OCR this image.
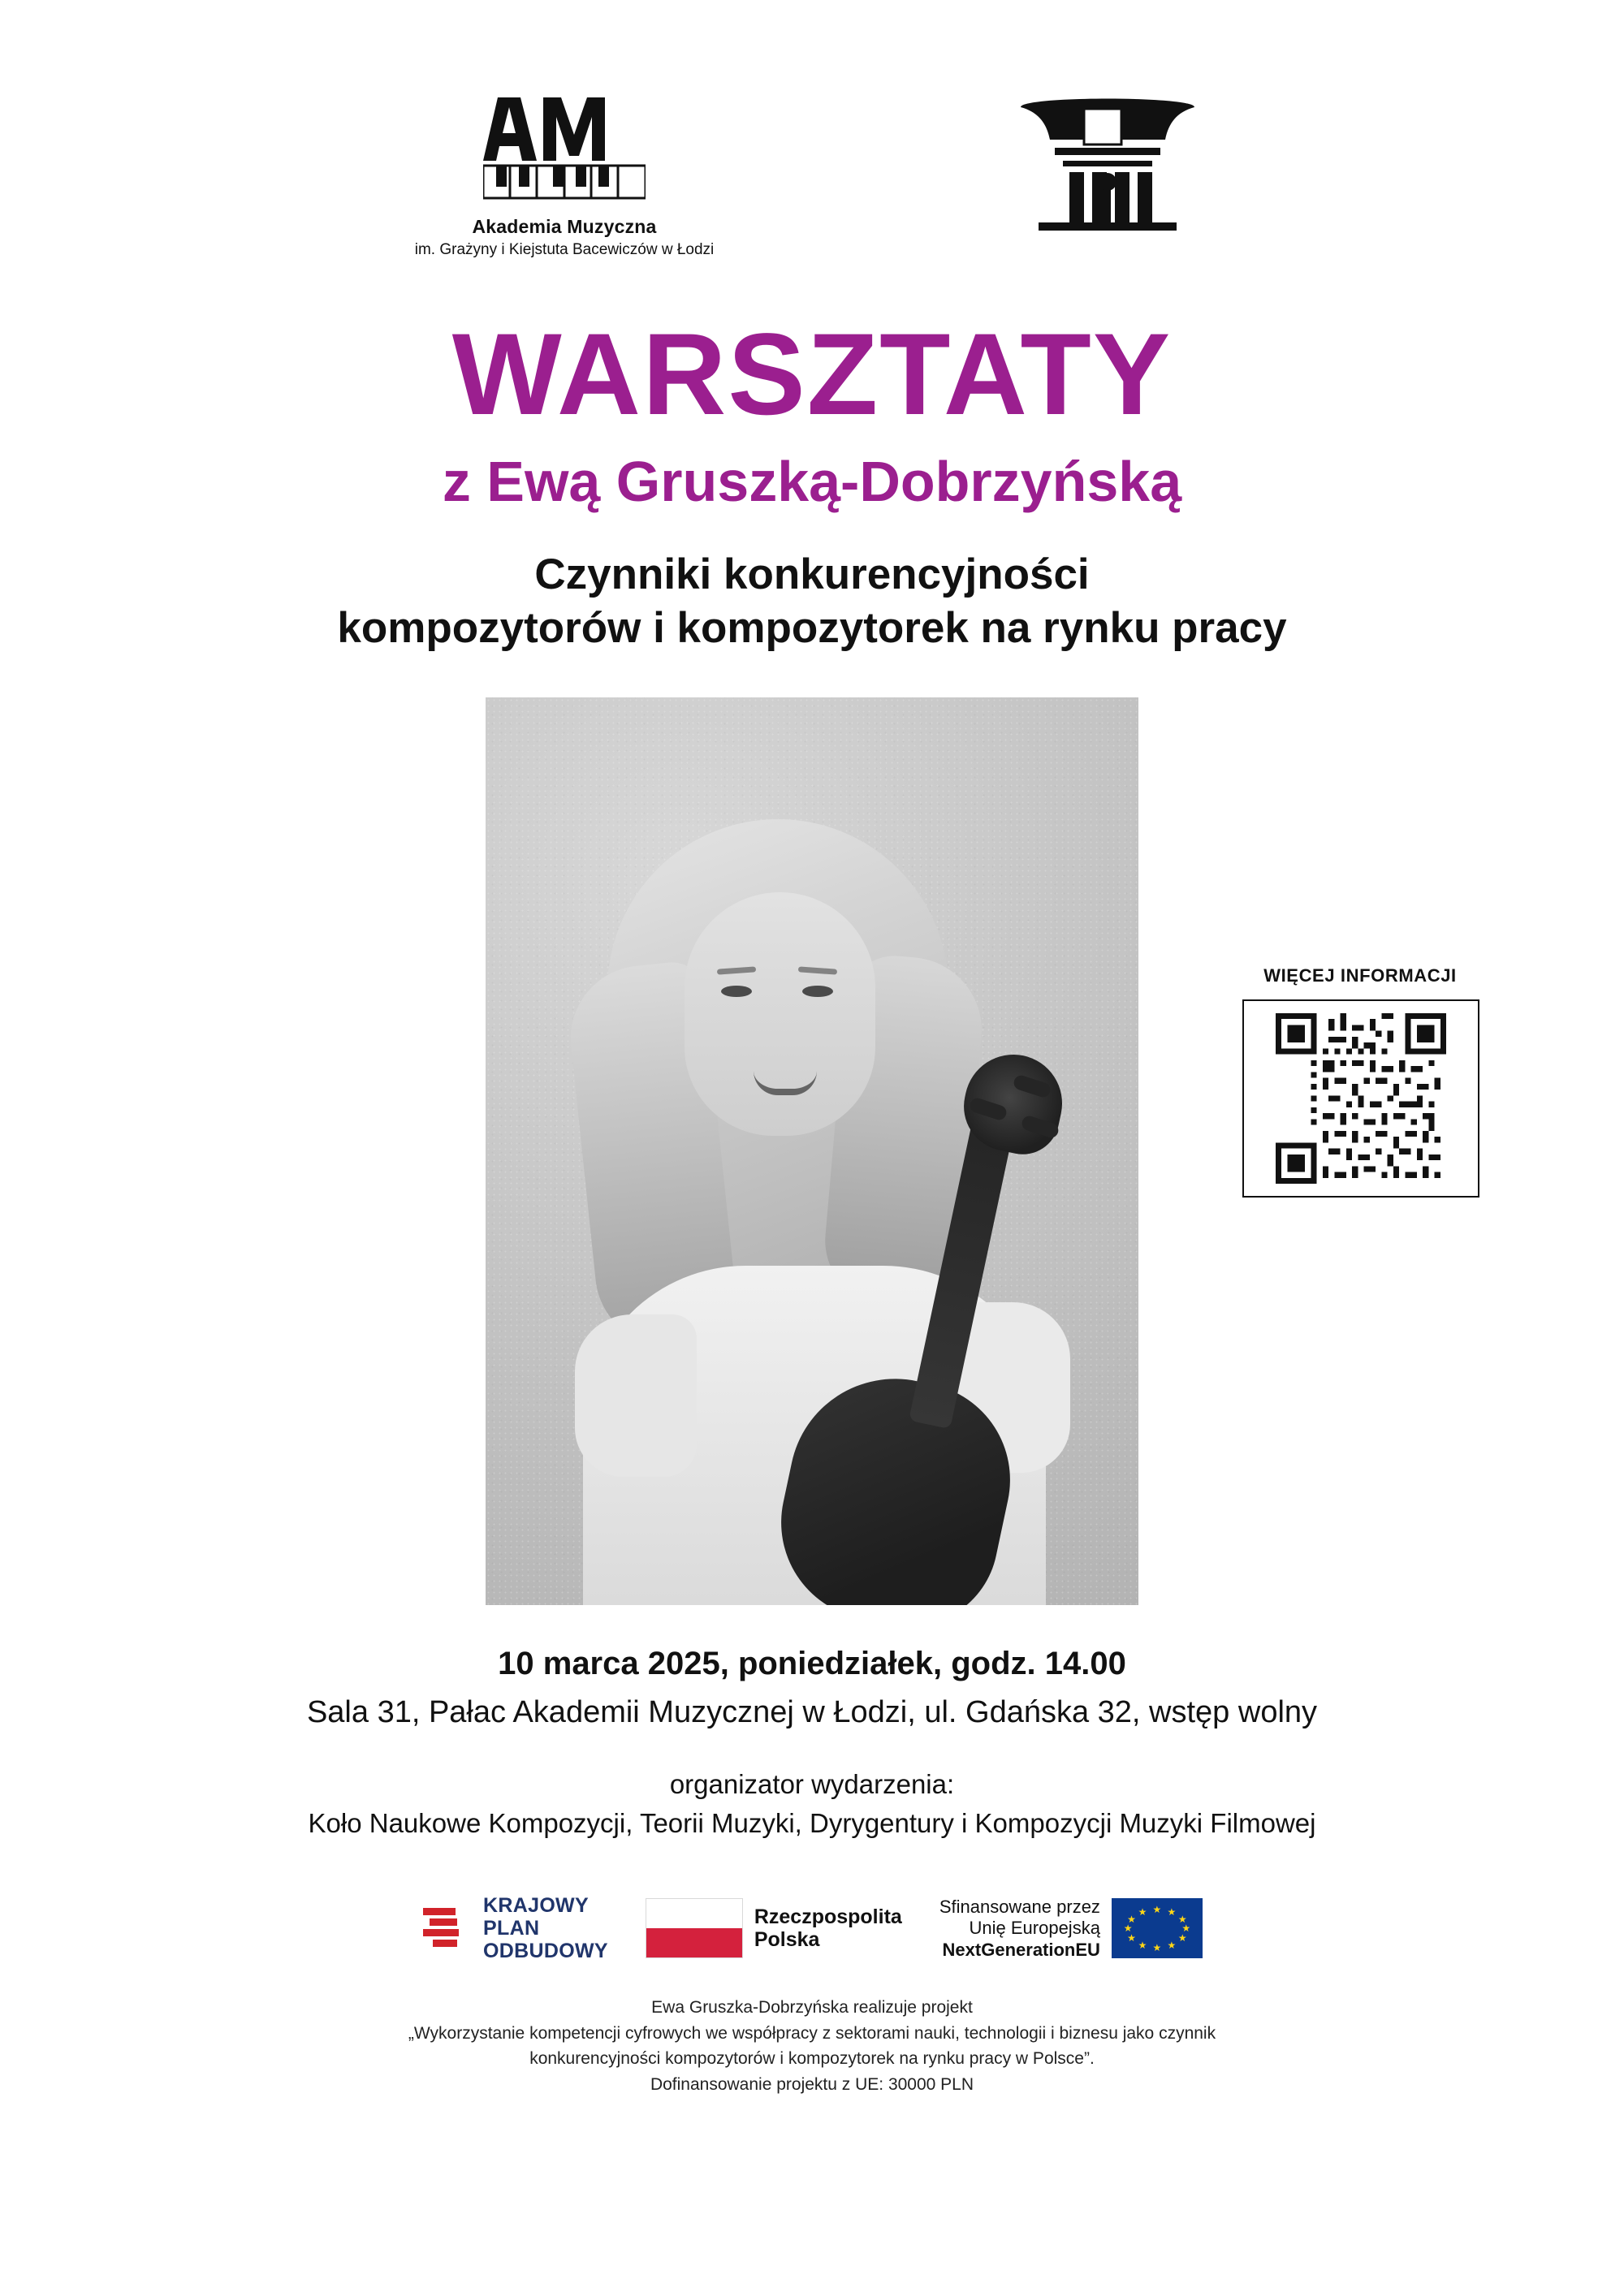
Akademia Muzyczna
im. Grażyny i Kiejstuta Bacewiczów w Łodzi
WARSZTATY
z Ewą Gruszką-Dobrzyńską
Czynniki konkurencyjności
kompozytorów i kompozytorek na rynku pracy
WIĘCEJ INFORMACJI
10 marca 2025, poniedziałek, godz. 14.00
Sala 31, Pałac Akademii Muzycznej w Łodzi, ul. Gdańska 32, wstęp wolny
organizator wydarzenia:
Koło Naukowe Kompozycji, Teorii Muzyki, Dyrygentury i Kompozycji Muzyki Filmowej
KRAJOWY
PLAN
ODBUDOWY
Rzeczpospolita
Polska
Sfinansowane przez
Unię Europejską
NextGenerationEU
★ ★
★
★
★
★
★
★
★
★
★
★
Ewa Gruszka-Dobrzyńska realizuje projekt
„Wykorzystanie kompetencji cyfrowych we współpracy z sektorami nauki, technologii i biznesu jako czynnik
konkurencyjności kompozytorów i kompozytorek na rynku pracy w Polsce”.
Dofinansowanie projektu z UE: 30000 PLN
